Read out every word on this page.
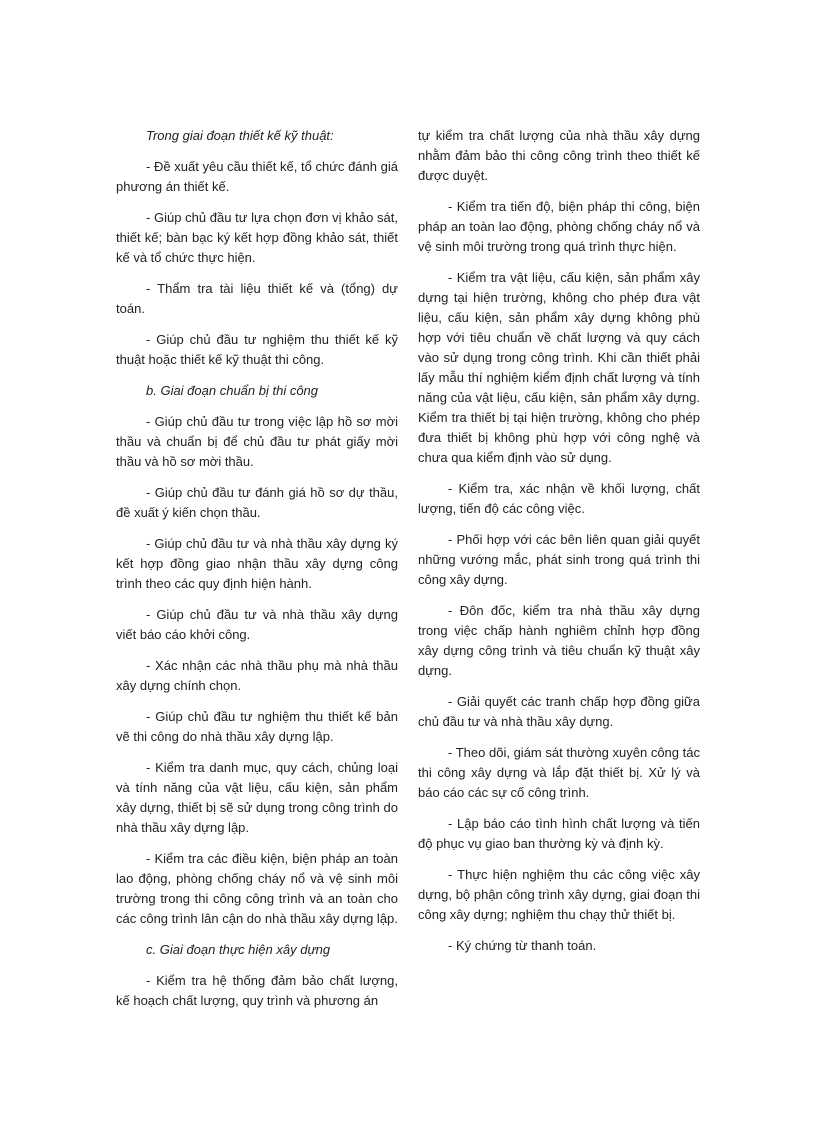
Trong giai đoạn thiết kế kỹ thuật:

- Đề xuất yêu cầu thiết kế, tổ chức đánh giá phương án thiết kế.

- Giúp chủ đầu tư lựa chọn đơn vị khảo sát, thiết kế; bàn bạc ký kết hợp đồng khảo sát, thiết kế và tổ chức thực hiện.

- Thẩm tra tài liệu thiết kế và (tổng) dự toán.

- Giúp chủ đầu tư nghiệm thu thiết kế kỹ thuật hoặc thiết kế kỹ thuật thi công.

b. Giai đoạn chuẩn bị thi công

- Giúp chủ đầu tư trong việc lập hồ sơ mời thầu và chuẩn bị để chủ đầu tư phát giấy mời thầu và hồ sơ mời thầu.

- Giúp chủ đầu tư đánh giá hồ sơ dự thầu, đề xuất ý kiến chọn thầu.

- Giúp chủ đầu tư và nhà thầu xây dựng ký kết hợp đồng giao nhận thầu xây dựng công trình theo các quy định hiện hành.

- Giúp chủ đầu tư và nhà thầu xây dựng viết báo cáo khởi công.

- Xác nhận các nhà thầu phụ mà nhà thầu xây dựng chính chọn.

- Giúp chủ đầu tư nghiệm thu thiết kế bản vẽ thi công do nhà thầu xây dựng lập.

- Kiểm tra danh mục, quy cách, chủng loại và tính năng của vật liệu, cấu kiện, sản phẩm xây dựng, thiết bị sẽ sử dụng trong công trình do nhà thầu xây dựng lập.

- Kiểm tra các điều kiện, biện pháp an toàn lao động, phòng chống cháy nổ và vệ sinh môi trường trong thi công công trình và an toàn cho các công trình lân cận do nhà thầu xây dựng lập.

c. Giai đoạn thực hiện xây dựng

- Kiểm tra hệ thống đảm bảo chất lượng, kế hoạch chất lượng, quy trình và phương án

tự kiểm tra chất lượng của nhà thầu xây dựng nhằm đảm bảo thi công công trình theo thiết kế được duyệt.

- Kiểm tra tiến độ, biện pháp thi công, biện pháp an toàn lao động, phòng chống cháy nổ và vệ sinh môi trường trong quá trình thực hiện.

- Kiểm tra vật liệu, cấu kiện, sản phẩm xây dựng tại hiện trường, không cho phép đưa vật liệu, cấu kiện, sản phẩm xây dựng không phù hợp với tiêu chuẩn về chất lượng và quy cách vào sử dụng trong công trình. Khi cần thiết phải lấy mẫu thí nghiệm kiểm định chất lượng và tính năng của vật liệu, cấu kiện, sản phẩm xây dựng. Kiểm tra thiết bị tại hiện trường, không cho phép đưa thiết bị không phù hợp với công nghệ và chưa qua kiểm định vào sử dụng.

- Kiểm tra, xác nhận về khối lượng, chất lượng, tiến độ các công việc.

- Phối hợp với các bên liên quan giải quyết những vướng mắc, phát sinh trong quá trình thi công xây dựng.

- Đôn đốc, kiểm tra nhà thầu xây dựng trong việc chấp hành nghiêm chỉnh hợp đồng xây dựng công trình và tiêu chuẩn kỹ thuật xây dựng.

- Giải quyết các tranh chấp hợp đồng giữa chủ đầu tư và nhà thầu xây dựng.

- Theo dõi, giám sát thường xuyên công tác thi công xây dựng và lắp đặt thiết bị. Xử lý và báo cáo các sự cố công trình.

- Lập báo cáo tình hình chất lượng và tiến độ phục vụ giao ban thường kỳ và định kỳ.

- Thực hiện nghiệm thu các công việc xây dựng, bộ phận công trình xây dựng, giai đoạn thi công xây dựng; nghiệm thu chạy thử thiết bị.

- Ký chứng từ thanh toán.
